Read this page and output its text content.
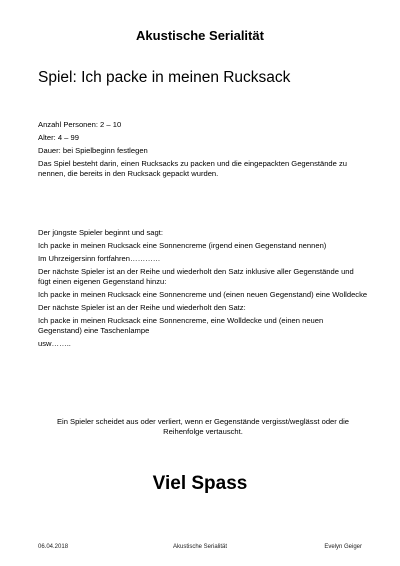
Akustische Serialität
Spiel: Ich packe in meinen Rucksack

Anzahl Personen: 2 – 10

Alter: 4 – 99

Dauer: bei Spielbeginn festlegen

Das Spiel besteht darin, einen Rucksacks zu packen und die eingepackten Gegenstände zu nennen, die bereits in den Rucksack gepackt wurden.

Der jüngste Spieler beginnt und sagt:

Ich packe in meinen Rucksack eine Sonnencreme (irgend einen Gegenstand nennen)

Im Uhrzeigersinn fortfahren…………

Der nächste Spieler ist an der Reihe und wiederholt den Satz inklusive aller Gegenstände und fügt einen eigenen Gegenstand hinzu:

Ich packe in meinen Rucksack eine Sonnencreme und (einen neuen Gegenstand) eine Wolldecke

Der nächste Spieler ist an der Reihe und wiederholt den Satz:

Ich packe in meinen Rucksack eine Sonnencreme, eine Wolldecke und (einen neuen Gegenstand) eine Taschenlampe

usw……..

Ein Spieler scheidet aus oder verliert, wenn er Gegenstände vergisst/weglässt oder die Reihenfolge vertauscht.
Viel Spass
06.04.2018	Akustische Serialität	Evelyn Geiger
